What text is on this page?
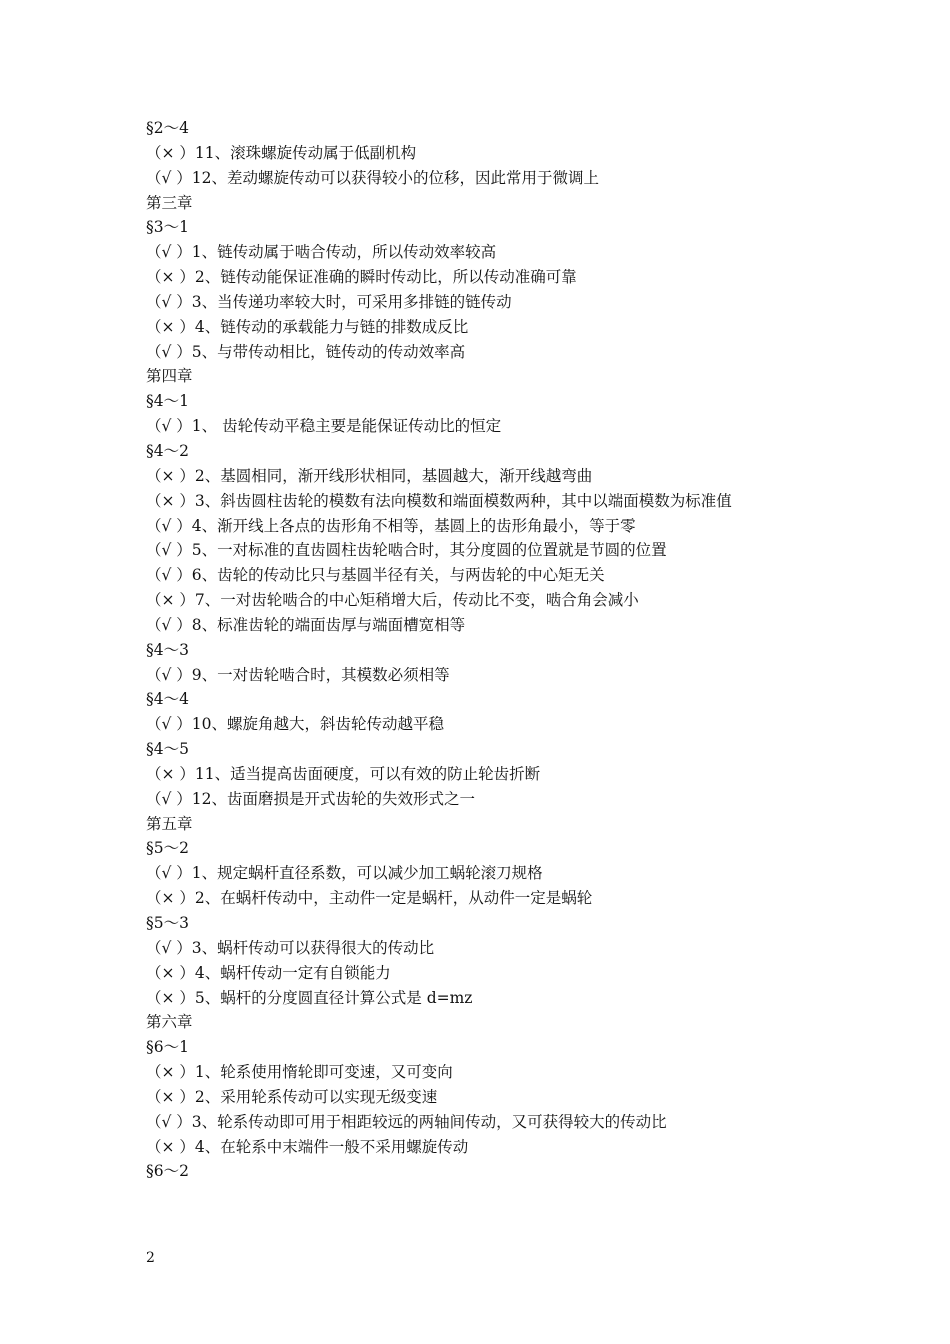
§2～4
（× ）11、滚珠螺旋传动属于低副机构
（√ ）12、差动螺旋传动可以获得较小的位移，因此常用于微调上
第三章
§3～1
（√ ）1、链传动属于啮合传动，所以传动效率较高
（× ）2、链传动能保证准确的瞬时传动比，所以传动准确可靠
（√ ）3、当传递功率较大时，可采用多排链的链传动
（× ）4、链传动的承载能力与链的排数成反比
（√ ）5、与带传动相比，链传动的传动效率高
第四章
§4～1
（√ ）1、 齿轮传动平稳主要是能保证传动比的恒定
§4～2
（× ）2、基圆相同，渐开线形状相同，基圆越大，渐开线越弯曲
（× ）3、斜齿圆柱齿轮的模数有法向模数和端面模数两种，其中以端面模数为标准值
（√ ）4、渐开线上各点的齿形角不相等，基圆上的齿形角最小，等于零
（√ ）5、一对标准的直齿圆柱齿轮啮合时，其分度圆的位置就是节圆的位置
（√ ）6、齿轮的传动比只与基圆半径有关，与两齿轮的中心矩无关
（× ）7、一对齿轮啮合的中心矩稍增大后，传动比不变，啮合角会减小
（√ ）8、标准齿轮的端面齿厚与端面槽宽相等
§4～3
（√ ）9、一对齿轮啮合时，其模数必须相等
§4～4
（√ ）10、螺旋角越大，斜齿轮传动越平稳
§4～5
（× ）11、适当提高齿面硬度，可以有效的防止轮齿折断
（√ ）12、齿面磨损是开式齿轮的失效形式之一
第五章
§5～2
（√ ）1、规定蜗杆直径系数，可以减少加工蜗轮滚刀规格
（× ）2、在蜗杆传动中，主动件一定是蜗杆，从动件一定是蜗轮
§5～3
（√ ）3、蜗杆传动可以获得很大的传动比
（× ）4、蜗杆传动一定有自锁能力
（× ）5、蜗杆的分度圆直径计算公式是 d=mz
第六章
§6～1
（× ）1、轮系使用惰轮即可变速，又可变向
（× ）2、采用轮系传动可以实现无级变速
（√ ）3、轮系传动即可用于相距较远的两轴间传动，又可获得较大的传动比
（× ）4、在轮系中末端件一般不采用螺旋传动
§6～2
2
